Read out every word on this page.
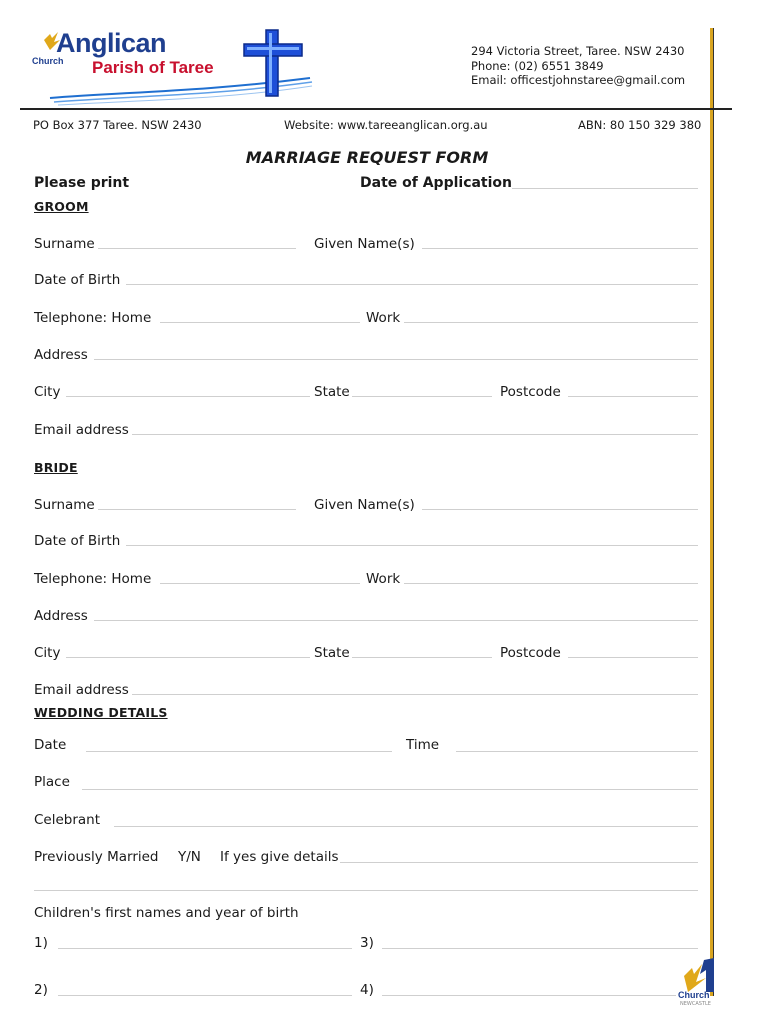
Anglican
Church Parish of Taree
294 Victoria Street, Taree. NSW 2430
Phone: (02) 6551 3849
Email: officestjohnstaree@gmail.com
PO Box 377 Taree. NSW 2430	Website: www.tareeanglican.org.au	ABN: 80 150 329 380
MARRIAGE REQUEST FORM
Please print	Date of Application
GROOM
Surname	Given Name(s)
Date of Birth
Telephone: Home	Work
Address
City	State	Postcode
Email address
BRIDE
Surname	Given Name(s)
Date of Birth
Telephone: Home	Work
Address
City	State	Postcode
Email address
WEDDING DETAILS
Date	Time
Place
Celebrant
Previously Married Y/N If yes give details
Children's first names and year of birth
1)	3)
2)	4)	Church
NEWCASTLE
